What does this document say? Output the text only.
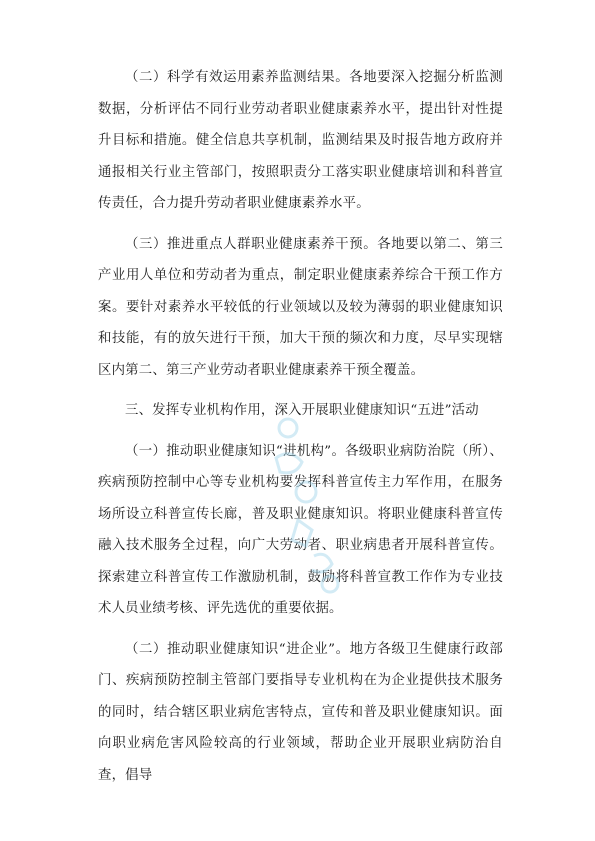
（二）科学有效运用素养监测结果。各地要深入挖掘分析监测数据，分析评估不同行业劳动者职业健康素养水平，提出针对性提升目标和措施。健全信息共享机制，监测结果及时报告地方政府并通报相关行业主管部门，按照职责分工落实职业健康培训和科普宣传责任，合力提升劳动者职业健康素养水平。

（三）推进重点人群职业健康素养干预。各地要以第二、第三产业用人单位和劳动者为重点，制定职业健康素养综合干预工作方案。要针对素养水平较低的行业领域以及较为薄弱的职业健康知识和技能，有的放矢进行干预，加大干预的频次和力度，尽早实现辖区内第二、第三产业劳动者职业健康素养干预全覆盖。

三、发挥专业机构作用，深入开展职业健康知识“五进”活动

（一）推动职业健康知识“进机构”。各级职业病防治院（所）、疾病预防控制中心等专业机构要发挥科普宣传主力军作用，在服务场所设立科普宣传长廊，普及职业健康知识。将职业健康科普宣传融入技术服务全过程，向广大劳动者、职业病患者开展科普宣传。探索建立科普宣传工作激励机制，鼓励将科普宣教工作作为专业技术人员业绩考核、评先选优的重要依据。

（二）推动职业健康知识“进企业”。地方各级卫生健康行政部门、疾病预防控制主管部门要指导专业机构在为企业提供技术服务的同时，结合辖区职业病危害特点，宣传和普及职业健康知识。面向职业病危害风险较高的行业领域，帮助企业开展职业病防治自查，倡导
